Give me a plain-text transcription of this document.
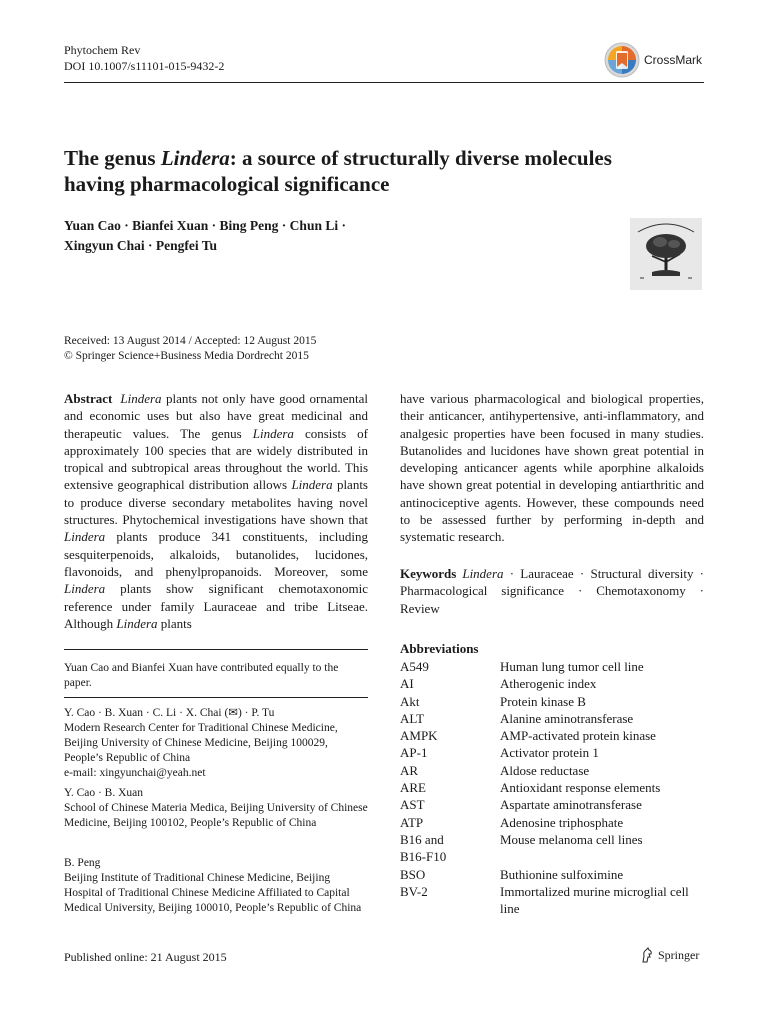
Phytochem Rev
DOI 10.1007/s11101-015-9432-2	CrossMark
The genus Lindera: a source of structurally diverse molecules having pharmacological significance
Yuan Cao · Bianfei Xuan · Bing Peng · Chun Li ·
Xingyun Chai · Pengfei Tu
Received: 13 August 2014 / Accepted: 12 August 2015
© Springer Science+Business Media Dordrecht 2015
Abstract Lindera plants not only have good ornamental and economic uses but also have great medicinal and therapeutic values. The genus Lindera consists of approximately 100 species that are widely distributed in tropical and subtropical areas throughout the world. This extensive geographical distribution allows Lindera plants to produce diverse secondary metabolites having novel structures. Phytochemical investigations have shown that Lindera plants produce 341 constituents, including sesquiterpenoids, alkaloids, butanolides, lucidones, flavonoids, and phenylpropanoids. Moreover, some Lindera plants show significant chemotaxonomic reference under family Lauraceae and tribe Litseae. Although Lindera plants
have various pharmacological and biological properties, their anticancer, antihypertensive, anti-inflammatory, and analgesic properties have been focused in many studies. Butanolides and lucidones have shown great potential in developing anticancer agents while aporphine alkaloids have shown great potential in developing antiarthritic and antinociceptive agents. However, these compounds need to be assessed further by performing in-depth and systematic research.
Keywords Lindera · Lauraceae · Structural diversity · Pharmacological significance · Chemotaxonomy · Review
Yuan Cao and Bianfei Xuan have contributed equally to the paper.
Y. Cao · B. Xuan · C. Li · X. Chai (✉) · P. Tu
Modern Research Center for Traditional Chinese Medicine, Beijing University of Chinese Medicine, Beijing 100029, People’s Republic of China
e-mail: xingyunchai@yeah.net
Y. Cao · B. Xuan
School of Chinese Materia Medica, Beijing University of Chinese Medicine, Beijing 100102, People’s Republic of China
B. Peng
Beijing Institute of Traditional Chinese Medicine, Beijing Hospital of Traditional Chinese Medicine Affiliated to Capital Medical University, Beijing 100010, People’s Republic of China
Abbreviations
A549	Human lung tumor cell line
AI	Atherogenic index
Akt	Protein kinase B
ALT	Alanine aminotransferase
AMPK	AMP-activated protein kinase
AP-1	Activator protein 1
AR	Aldose reductase
ARE	Antioxidant response elements
AST	Aspartate aminotransferase
ATP	Adenosine triphosphate
B16 and	Mouse melanoma cell lines
B16-F10
BSO	Buthionine sulfoximine
BV-2	Immortalized murine microglial cell line
Published online: 21 August 2015	Springer
